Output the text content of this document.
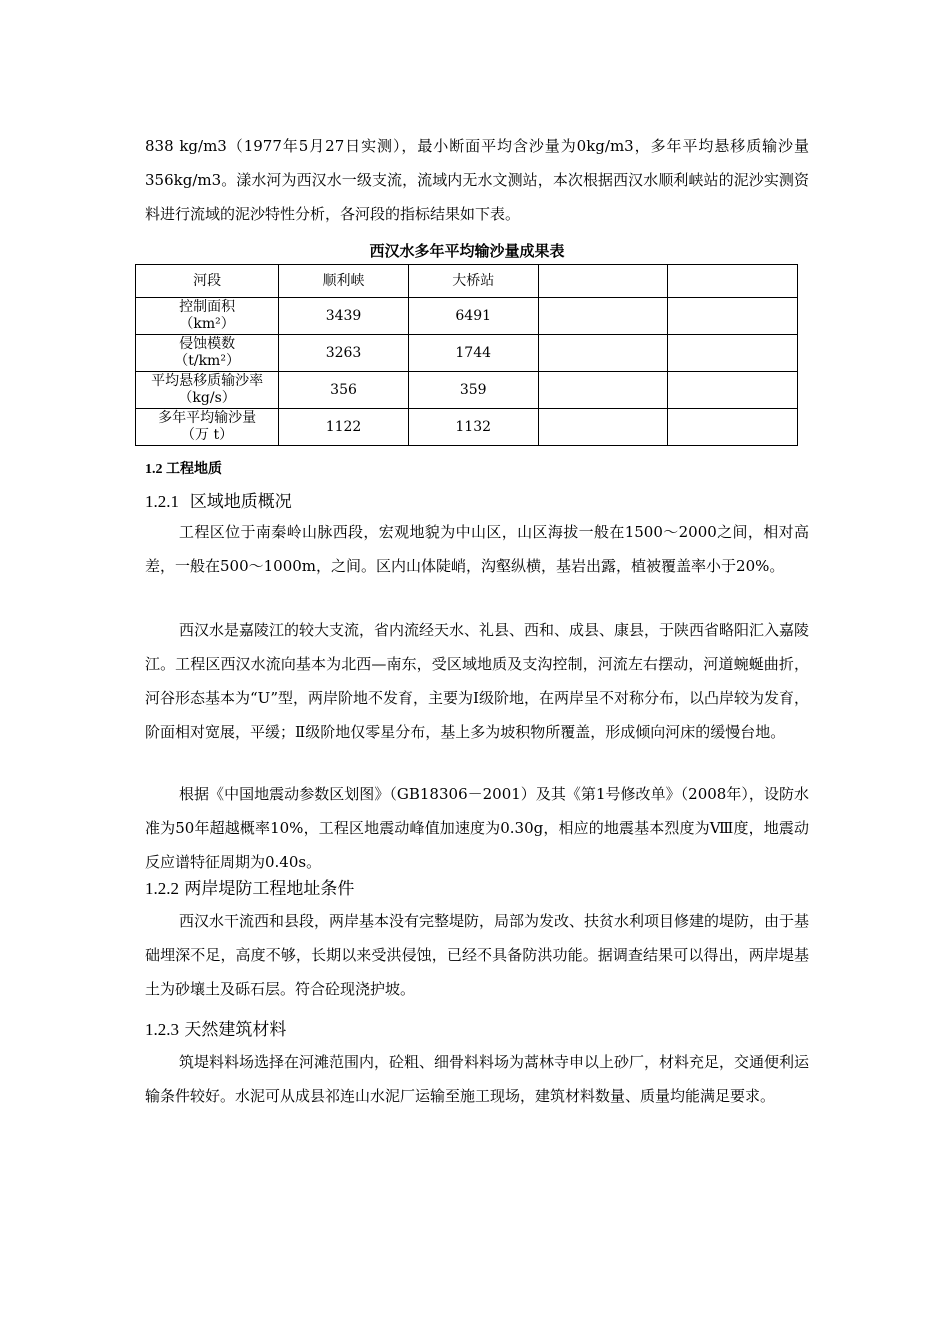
838 kg/m3（1977年5月27日实测），最小断面平均含沙量为0kg/m3，多年平均悬移质输沙量356kg/m3。漾水河为西汉水一级支流，流域内无水文测站，本次根据西汉水顺利峡站的泥沙实测资料进行流域的泥沙特性分析，各河段的指标结果如下表。

西汉水多年平均输沙量成果表
河段	顺利峡	大桥站		

控制面积
（km²）	3439	6491		

侵蚀模数
（t/km²）	3263	1744		

平均悬移质输沙率
（kg/s）	356	359		

多年平均输沙量
（万 t）	1122	1132		
1.2 工程地质
1.2.1 区域地质概况

工程区位于南秦岭山脉西段，宏观地貌为中山区，山区海拔一般在1500～2000之间，相对高差，一般在500～1000m，之间。区内山体陡峭，沟壑纵横，基岩出露，植被覆盖率小于20%。

西汉水是嘉陵江的较大支流，省内流经天水、礼县、西和、成县、康县，于陕西省略阳汇入嘉陵江。工程区西汉水流向基本为北西—南东，受区域地质及支沟控制，河流左右摆动，河道蜿蜒曲折，河谷形态基本为“U”型，两岸阶地不发育，主要为Ⅰ级阶地，在两岸呈不对称分布，以凸岸较为发育，阶面相对宽展，平缓；Ⅱ级阶地仅零星分布，基上多为坡积物所覆盖，形成倾向河床的缓慢台地。

根据《中国地震动参数区划图》（GB18306－2001）及其《第1号修改单》（2008年），设防水准为50年超越概率10%，工程区地震动峰值加速度为0.30g，相应的地震基本烈度为Ⅷ度，地震动反应谱特征周期为0.40s。

1.2.2 两岸堤防工程地址条件

西汉水干流西和县段，两岸基本没有完整堤防，局部为发改、扶贫水利项目修建的堤防，由于基础埋深不足，高度不够，长期以来受洪侵蚀，已经不具备防洪功能。据调查结果可以得出，两岸堤基土为砂壤土及砾石层。符合砼现浇护坡。

1.2.3 天然建筑材料

筑堤料料场选择在河滩范围内，砼粗、细骨料料场为蒿林寺申以上砂厂，材料充足，交通便利运输条件较好。水泥可从成县祁连山水泥厂运输至施工现场，建筑材料数量、质量均能满足要求。
